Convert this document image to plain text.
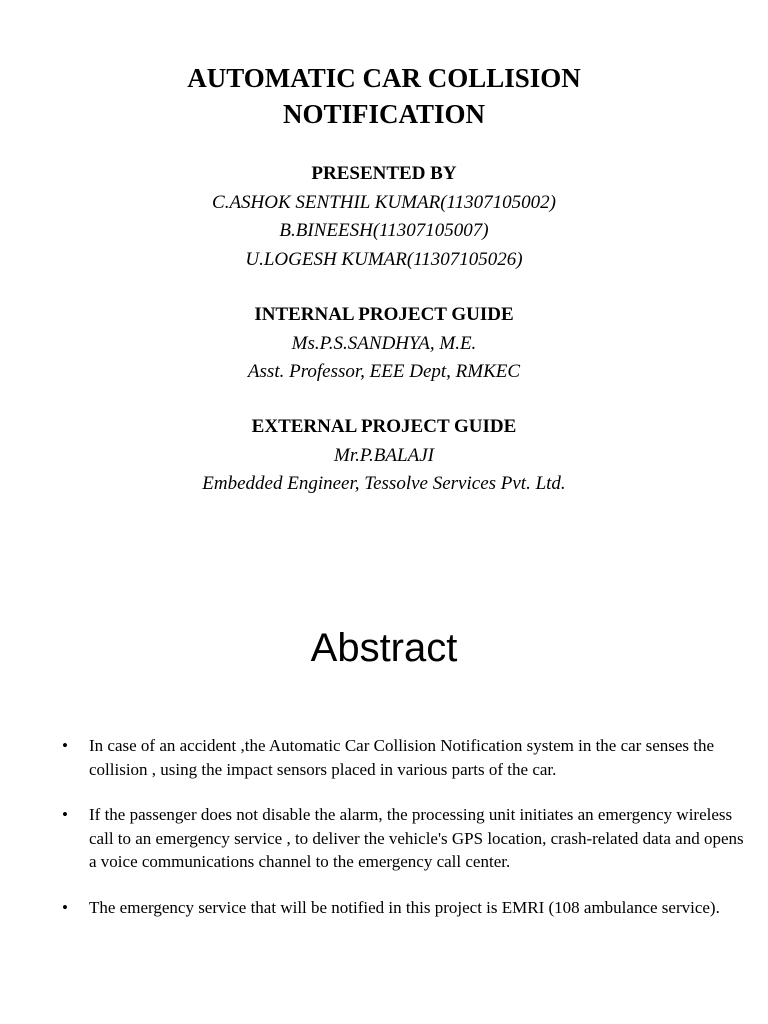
AUTOMATIC CAR COLLISION
NOTIFICATION
PRESENTED BY
C.ASHOK SENTHIL KUMAR(11307105002)
B.BINEESH(11307105007)
U.LOGESH KUMAR(11307105026)
INTERNAL PROJECT GUIDE
Ms.P.S.SANDHYA, M.E.
Asst. Professor, EEE Dept, RMKEC
EXTERNAL PROJECT GUIDE
Mr.P.BALAJI
Embedded Engineer, Tessolve Services Pvt. Ltd.
Abstract
• In case of an accident ,the Automatic Car Collision Notification system in the car senses the collision , using the impact sensors placed in various parts of the car.
• If the passenger does not disable the alarm, the processing unit initiates an emergency wireless call to an emergency service , to deliver the vehicle's GPS location, crash-related data and opens a voice communications channel to the emergency call center.
• The emergency service that will be notified in this project is EMRI (108 ambulance service).
